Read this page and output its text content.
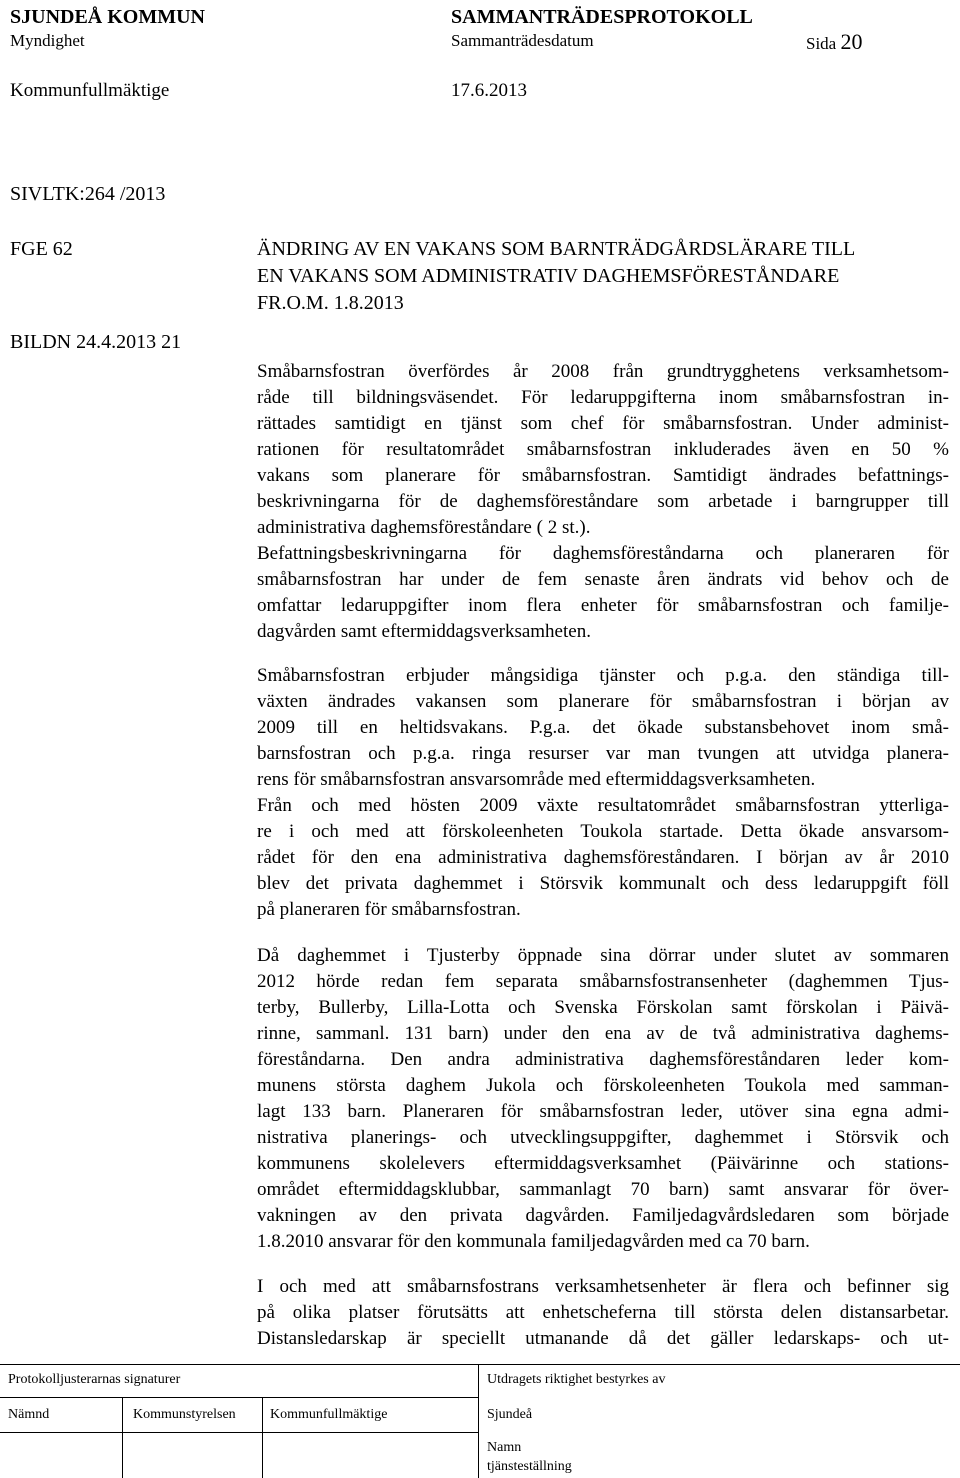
SJUNDEÅ KOMMUN	SAMMANTRÄDESPROTOKOLL
Myndighet	Sammanträdesdatum	Sida 20
Kommunfullmäktige	17.6.2013
SIVLTK:264 /2013
FGE 62
BILDN 24.4.2013 21
ÄNDRING AV EN VAKANS SOM BARNTRÄDGÅRDSLÄRARE TILL
EN VAKANS SOM ADMINISTRATIV DAGHEMSFÖRESTÅNDARE
FR.O.M. 1.8.2013
Småbarnsfostran överfördes år 2008 från grundtrygghetens verksamhetsom-
råde till bildningsväsendet. För ledaruppgifterna inom småbarnsfostran in-
rättades samtidigt en tjänst som chef för småbarnsfostran. Under administ-
rationen för resultatområdet småbarnsfostran inkluderades även en 50 %
vakans som planerare för småbarnsfostran. Samtidigt ändrades befattnings-
beskrivningarna för de daghemsföreståndare som arbetade i barngrupper till
administrativa daghemsföreståndare ( 2 st.).
Befattningsbeskrivningarna för daghemsföreståndarna och planeraren för
småbarnsfostran har under de fem senaste åren ändrats vid behov och de
omfattar ledaruppgifter inom flera enheter för småbarnsfostran och familje-
dagvården samt eftermiddagsverksamheten.
Småbarnsfostran erbjuder mångsidiga tjänster och p.g.a. den ständiga till-
växten ändrades vakansen som planerare för småbarnsfostran i början av
2009 till en heltidsvakans. P.g.a. det ökade substansbehovet inom små-
barnsfostran och p.g.a. ringa resurser var man tvungen att utvidga planera-
rens för småbarnsfostran ansvarsområde med eftermiddagsverksamheten.
Från och med hösten 2009 växte resultatområdet småbarnsfostran ytterliga-
re i och med att förskoleenheten Toukola startade. Detta ökade ansvarsom-
rådet för den ena administrativa daghemsföreståndaren. I början av år 2010
blev det privata daghemmet i Störsvik kommunalt och dess ledaruppgift föll
på planeraren för småbarnsfostran.
Då daghemmet i Tjusterby öppnade sina dörrar under slutet av sommaren
2012 hörde redan fem separata småbarnsfostransenheter (daghemmen Tjus-
terby, Bullerby, Lilla-Lotta och Svenska Förskolan samt förskolan i Päivä-
rinne, sammanl. 131 barn) under den ena av de två administrativa daghems-
föreståndarna. Den andra administrativa daghemsföreståndaren leder kom-
munens största daghem Jukola och förskoleenheten Toukola med samman-
lagt 133 barn. Planeraren för småbarnsfostran leder, utöver sina egna admi-
nistrativa planerings- och utvecklingsuppgifter, daghemmet i Störsvik och
kommunens skolelevers eftermiddagsverksamhet (Päivärinne och stations-
området eftermiddagsklubbar, sammanlagt 70 barn) samt ansvarar för över-
vakningen av den privata dagvården. Familjedagvårdsledaren som började
1.8.2010 ansvarar för den kommunala familjedagvården med ca 70 barn.
I och med att småbarnsfostrans verksamhetsenheter är flera och befinner sig
på olika platser förutsätts att enhetscheferna till största delen distansarbetar.
Distansledarskap är speciellt utmanande då det gäller ledarskaps- och ut-
Protokolljusterarnas signaturer	Utdragets riktighet bestyrkes av
Nämnd	Kommunstyrelsen Kommunfullmäktige	Sjundeå
Namn
tjänsteställning
